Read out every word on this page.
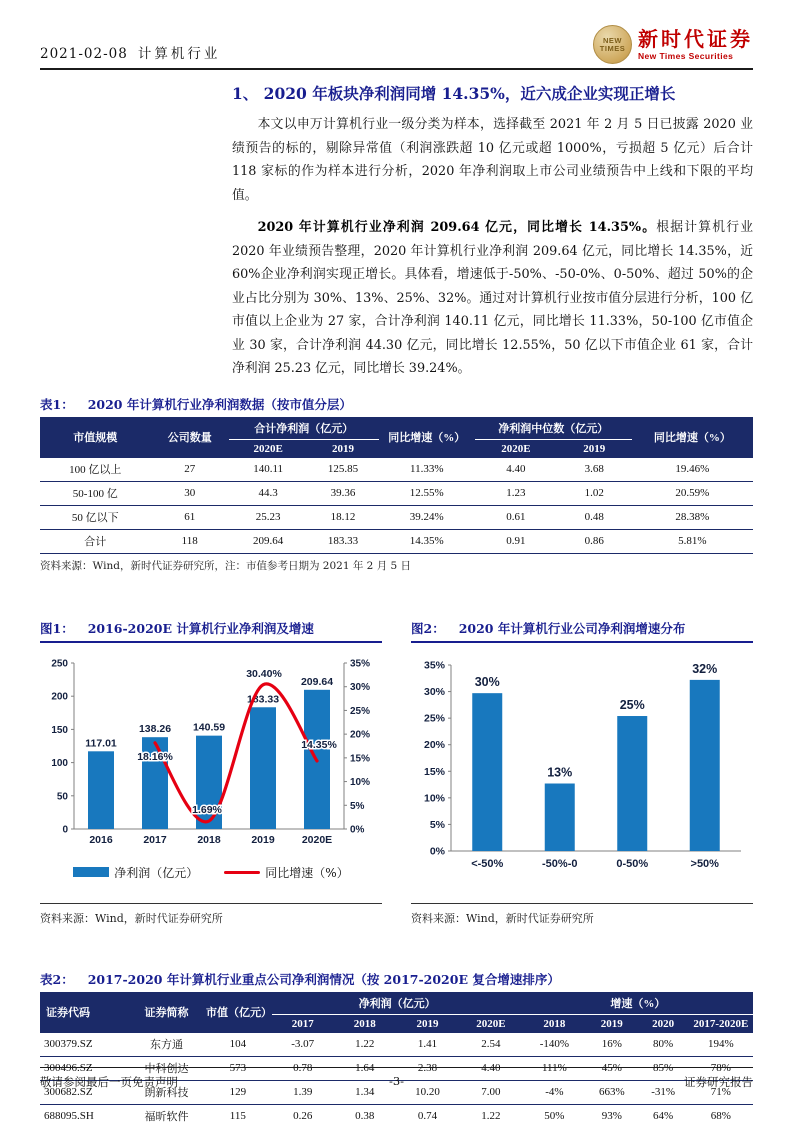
2021-02-08 计算机行业
NEW
TIMES 新时代证券
New Times Securities
1、 2020 年板块净利润同增 14.35%，近六成企业实现正增长
本文以申万计算机行业一级分类为样本，选择截至 2021 年 2 月 5 日已披露 2020 业绩预告的标的，剔除异常值（利润涨跌超 10 亿元或超 1000%，亏损超 5 亿元）后合计 118 家标的作为样本进行分析，2020 年净利润取上市公司业绩预告中上线和下限的平均值。
2020 年计算机行业净利润 209.64 亿元，同比增长 14.35%。根据计算机行业 2020 年业绩预告整理，2020 年计算机行业净利润 209.64 亿元，同比增长 14.35%，近 60%企业净利润实现正增长。具体看，增速低于-50%、-50-0%、0-50%、超过 50%的企业占比分别为 30%、13%、25%、32%。通过对计算机行业按市值分层进行分析，100 亿市值以上企业为 27 家，合计净利润 140.11 亿元，同比增长 11.33%，50-100 亿市值企业 30 家，合计净利润 44.30 亿元，同比增长 12.55%，50 亿以下市值企业 61 家，合计净利润 25.23 亿元，同比增长 39.24%。
表1： 2020 年计算机行业净利润数据（按市值分层）
市值规模	公司数量	合计净利润（亿元）		同比增速（%）	净利润中位数（亿元）		同比增速（%）
		2020E	2019		2020E	2019	
100 亿以上	27	140.11	125.85	11.33%	4.40	3.68	19.46%
50-100 亿	30	44.3	39.36	12.55%	1.23	1.02	20.59%
50 亿以下	61	25.23	18.12	39.24%	0.61	0.48	28.38%
合计	118	209.64	183.33	14.35%	0.91	0.86	5.81%
资料来源：Wind，新时代证券研究所，注：市值参考日期为 2021 年 2 月 5 日
图1： 2016-2020E 计算机行业净利润及增速
0
50
100
150
200
250
0%
5%
10%
15%
20%
25%
30%
35%
2016	2017	2018	2019	2020E
117.01
138.26 140.59
183.33
209.64
18.16%
1.69%
30.40%
14.35%
净利润（亿元）	同比增速（%）
资料来源：Wind，新时代证券研究所
图2： 2020 年计算机行业公司净利润增速分布
0%
5%
10%
15%
20%
25%
30%
35%
30%
<-50%
13%
-50%-0
25%
0-50%
32%
>50%
资料来源：Wind，新时代证券研究所
表2： 2017-2020 年计算机行业重点公司净利润情况（按 2017-2020E 复合增速排序）
证券代码	证券简称	市值（亿元）	净利润（亿元）				增速（%）			
			2017	2018	2019	2020E	2018	2019	2020	2017-2020E
300379.SZ	东方通	104	-3.07	1.22	1.41	2.54	-140%	16%	80%	194%
300496.SZ	中科创达	573	0.78	1.64	2.38	4.40	111%	45%	85%	78%
300682.SZ	朗新科技	129	1.39	1.34	10.20	7.00	-4%	663%	-31%	71%
688095.SH	福昕软件	115	0.26	0.38	0.74	1.22	50%	93%	64%	68%
敬请参阅最后一页免责声明	-3-	证券研究报告
